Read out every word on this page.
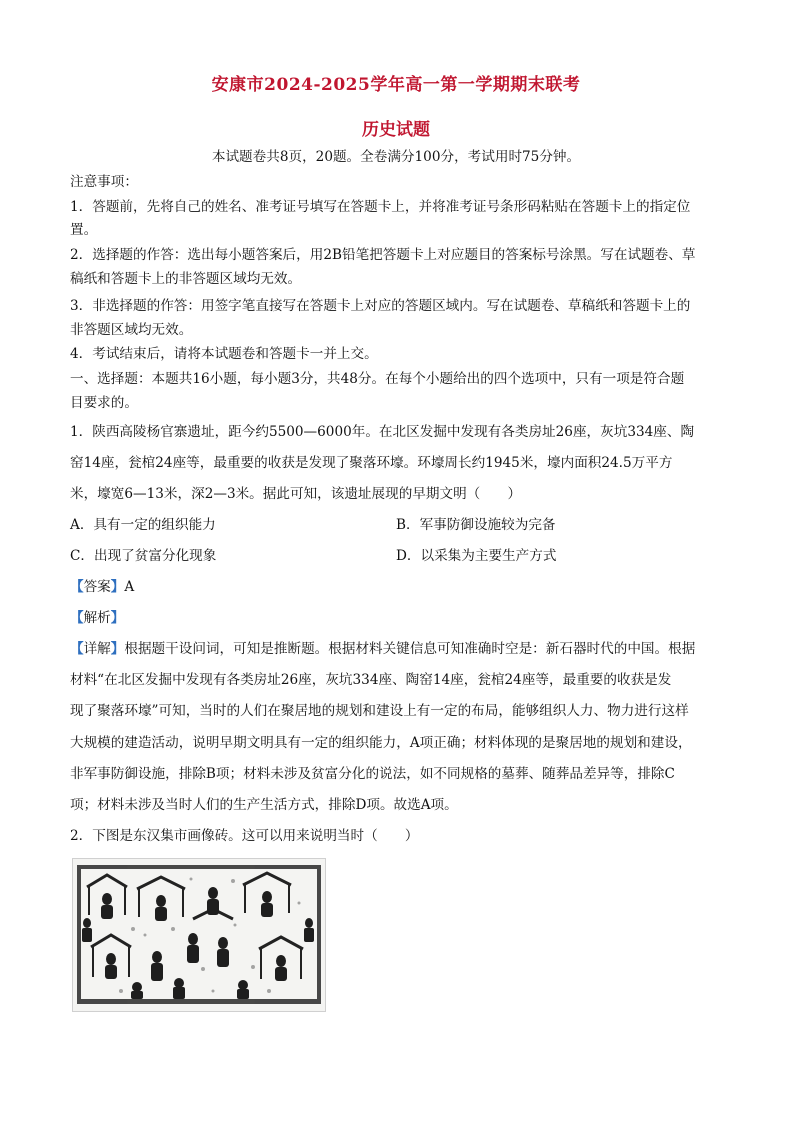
安康市2024-2025学年高一第一学期期末联考
历史试题
本试题卷共8页，20题。全卷满分100分，考试用时75分钟。
注意事项：
1．答题前，先将自己的姓名、准考证号填写在答题卡上，并将准考证号条形码粘贴在答题卡上的指定位
置。
2．选择题的作答：选出每小题答案后，用2B铅笔把答题卡上对应题目的答案标号涂黑。写在试题卷、草
稿纸和答题卡上的非答题区域均无效。
3．非选择题的作答：用签字笔直接写在答题卡上对应的答题区域内。写在试题卷、草稿纸和答题卡上的
非答题区域均无效。
4．考试结束后，请将本试题卷和答题卡一并上交。
一、选择题：本题共16小题，每小题3分，共48分。在每个小题给出的四个选项中，只有一项是符合题
目要求的。
1．陕西高陵杨官寨遗址，距今约5500—6000年。在北区发掘中发现有各类房址26座，灰坑334座、陶
窑14座，瓮棺24座等，最重要的收获是发现了聚落环壕。环壕周长约1945米，壕内面积24.5万平方
米，壕宽6—13米，深2—3米。据此可知，该遗址展现的早期文明（　　）
A．具有一定的组织能力	B．军事防御设施较为完备
C．出现了贫富分化现象	D．以采集为主要生产方式
【答案】A
【解析】
【详解】根据题干设问词，可知是推断题。根据材料关键信息可知准确时空是：新石器时代的中国。根据
材料“在北区发掘中发现有各类房址26座，灰坑334座、陶窑14座，瓮棺24座等，最重要的收获是发
现了聚落环壕”可知，当时的人们在聚居地的规划和建设上有一定的布局，能够组织人力、物力进行这样
大规模的建造活动，说明早期文明具有一定的组织能力，A项正确；材料体现的是聚居地的规划和建设，
非军事防御设施，排除B项；材料未涉及贫富分化的说法，如不同规格的墓葬、随葬品差异等，排除C
项；材料未涉及当时人们的生产生活方式，排除D项。故选A项。
2．下图是东汉集市画像砖。这可以用来说明当时（　　）
